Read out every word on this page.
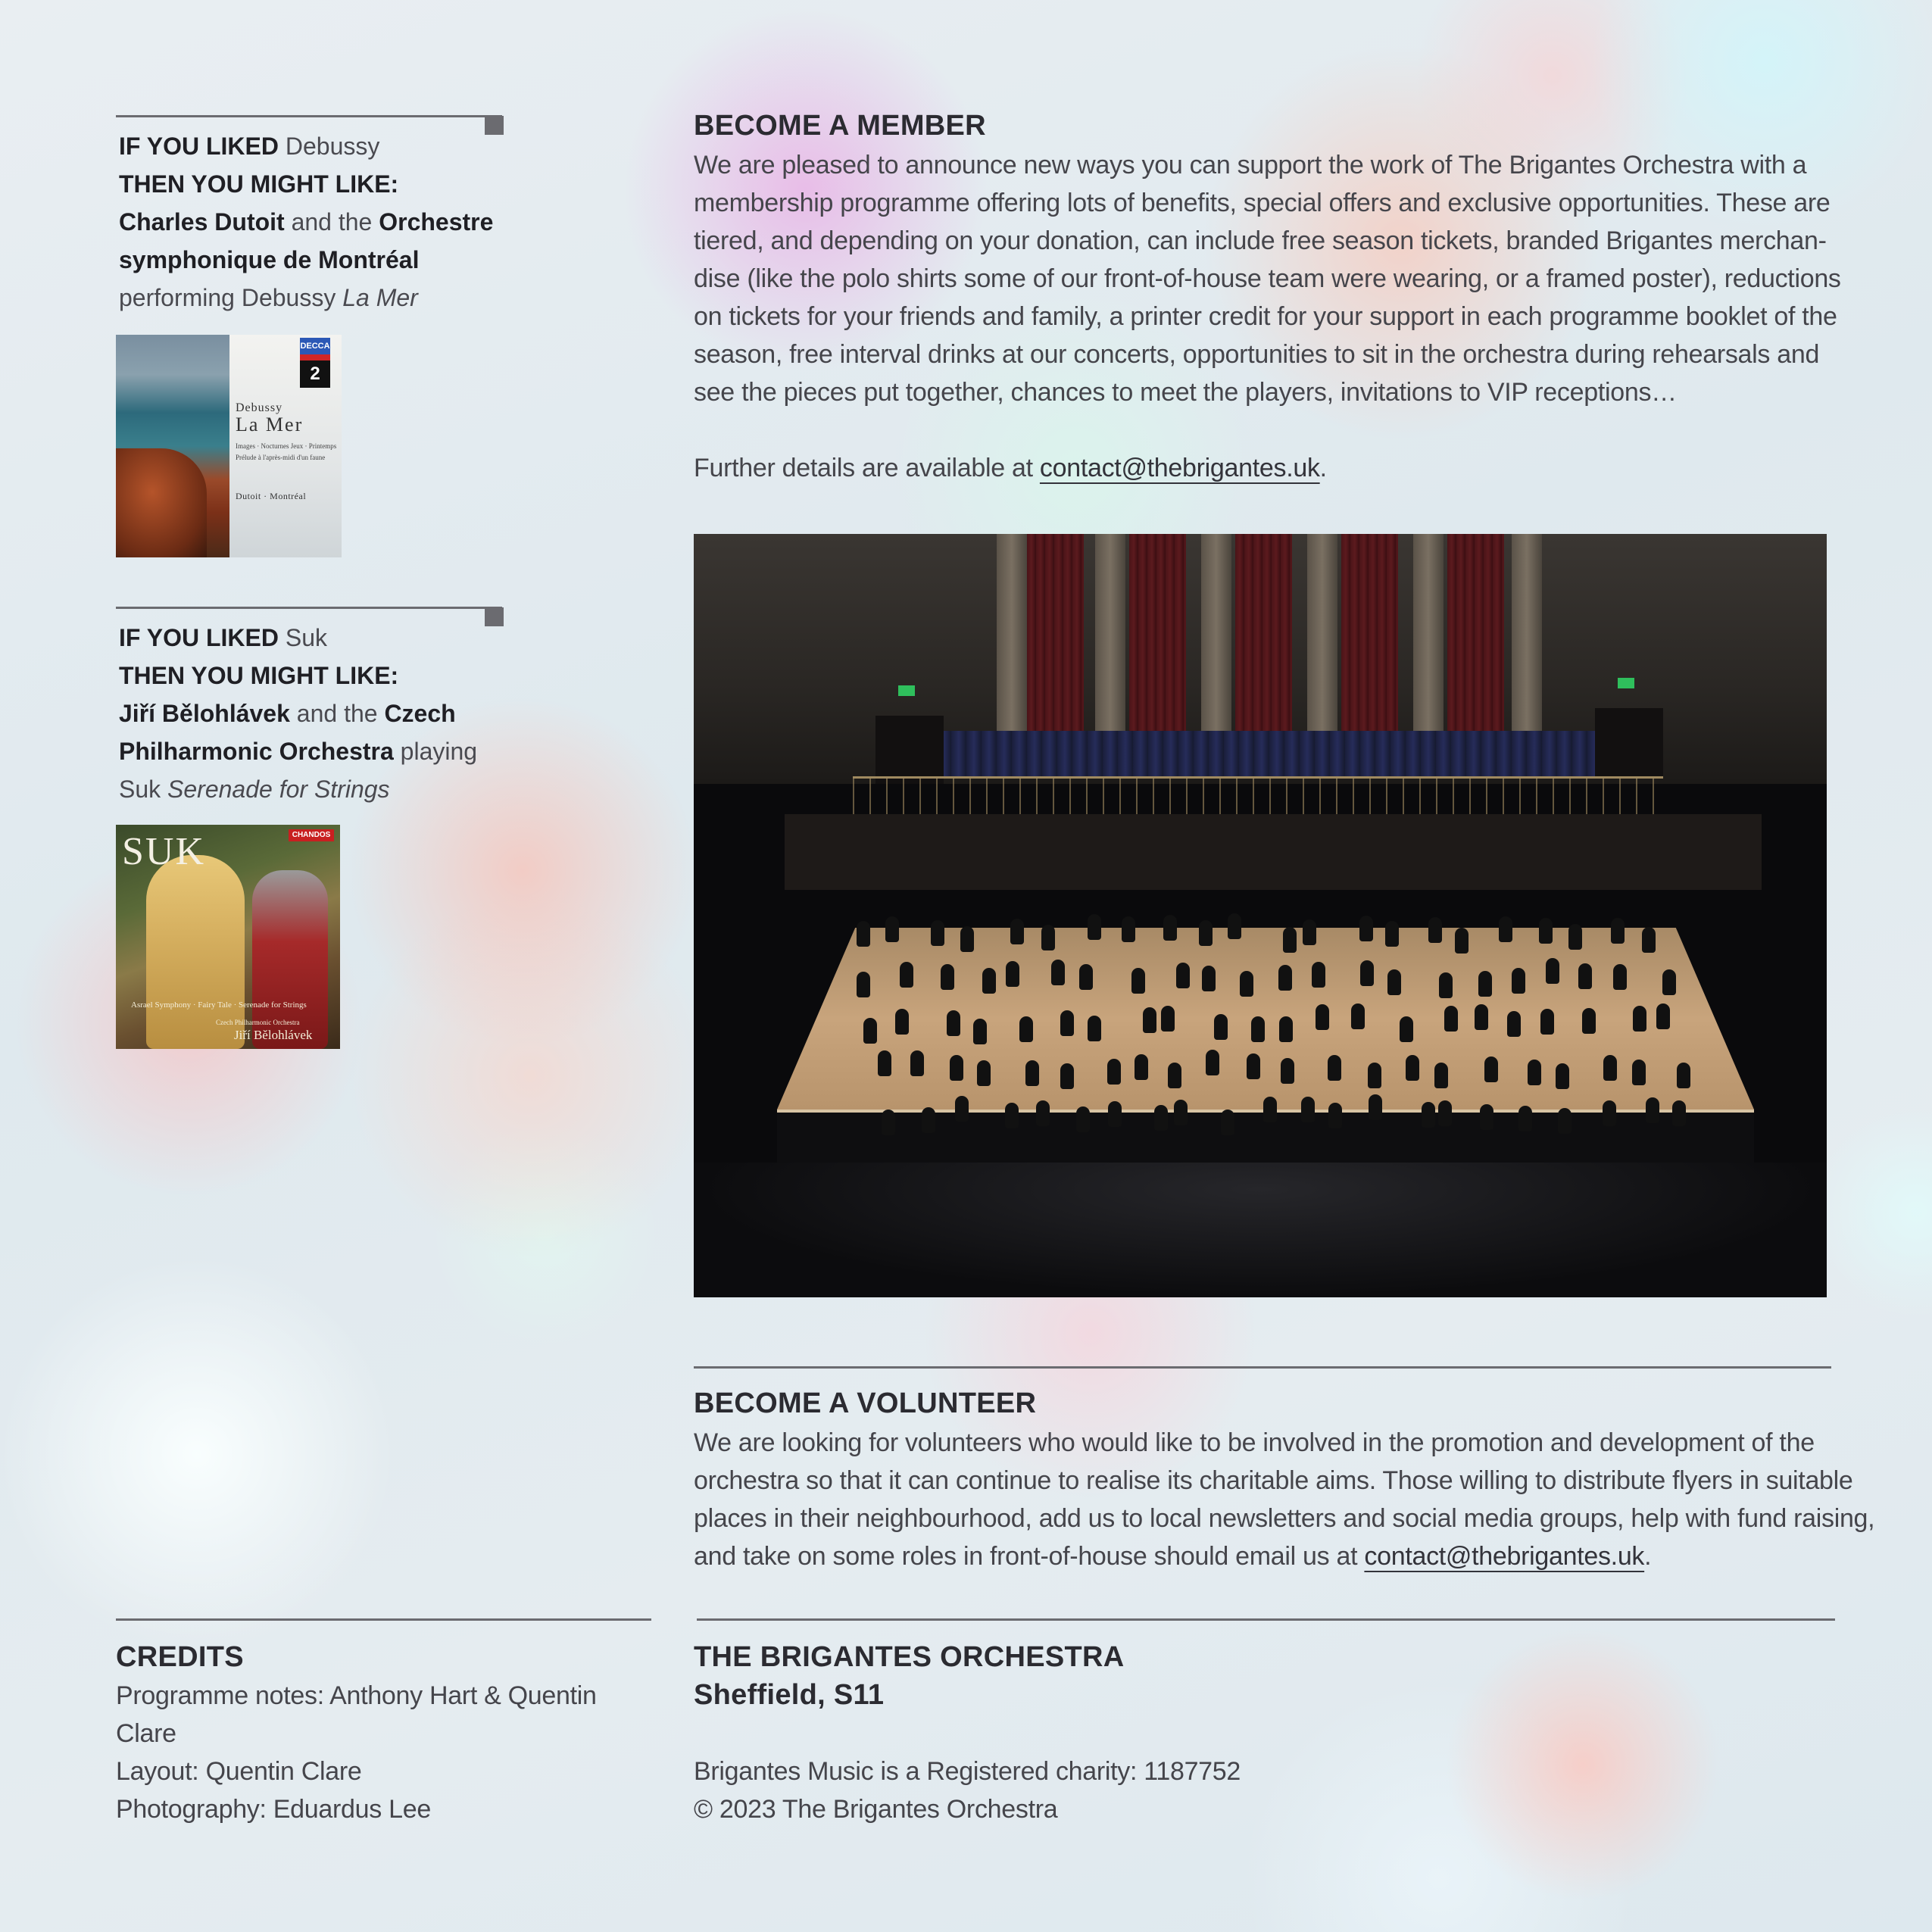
IF YOU LIKED Debussy
THEN YOU MIGHT LIKE:
Charles Dutoit and the Orchestre
symphonique de Montréal
performing Debussy La Mer
DECCA
2
Debussy
La Mer
Images · Nocturnes Jeux · Printemps Prélude à l'après-midi d'un faune
Dutoit · Montréal
IF YOU LIKED Suk
THEN YOU MIGHT LIKE:
Jiří Bělohlávek and the Czech
Philharmonic Orchestra playing
Suk Serenade for Strings
SUK	CHANDOS
Asrael Symphony · Fairy Tale · Serenade for Strings
Czech Philharmonic Orchestra
Jiří Bělohlávek
BECOME A MEMBER
We are pleased to announce new ways you can support the work of The Brigantes Orchestra with a
membership programme offering lots of benefits, special offers and exclusive opportunities. These are
tiered, and depending on your donation, can include free season tickets, branded Brigantes merchan-
dise (like the polo shirts some of our front-of-house team were wearing, or a framed poster), reductions
on tickets for your friends and family, a printer credit for your support in each programme booklet of the
season, free interval drinks at our concerts, opportunities to sit in the orchestra during rehearsals and
see the pieces put together, chances to meet the players, invitations to VIP receptions…
Further details are available at contact@thebrigantes.uk.
BECOME A VOLUNTEER
We are looking for volunteers who would like to be involved in the promotion and development of the
orchestra so that it can continue to realise its charitable aims. Those willing to distribute flyers in suitable
places in their neighbourhood, add us to local newsletters and social media groups, help with fund raising,
and take on some roles in front-of-house should email us at contact@thebrigantes.uk.
CREDITS
Programme notes: Anthony Hart & Quentin Clare
Layout: Quentin Clare
Photography: Eduardus Lee
THE BRIGANTES ORCHESTRA
Sheffield, S11
Brigantes Music is a Registered charity: 1187752
© 2023 The Brigantes Orchestra
